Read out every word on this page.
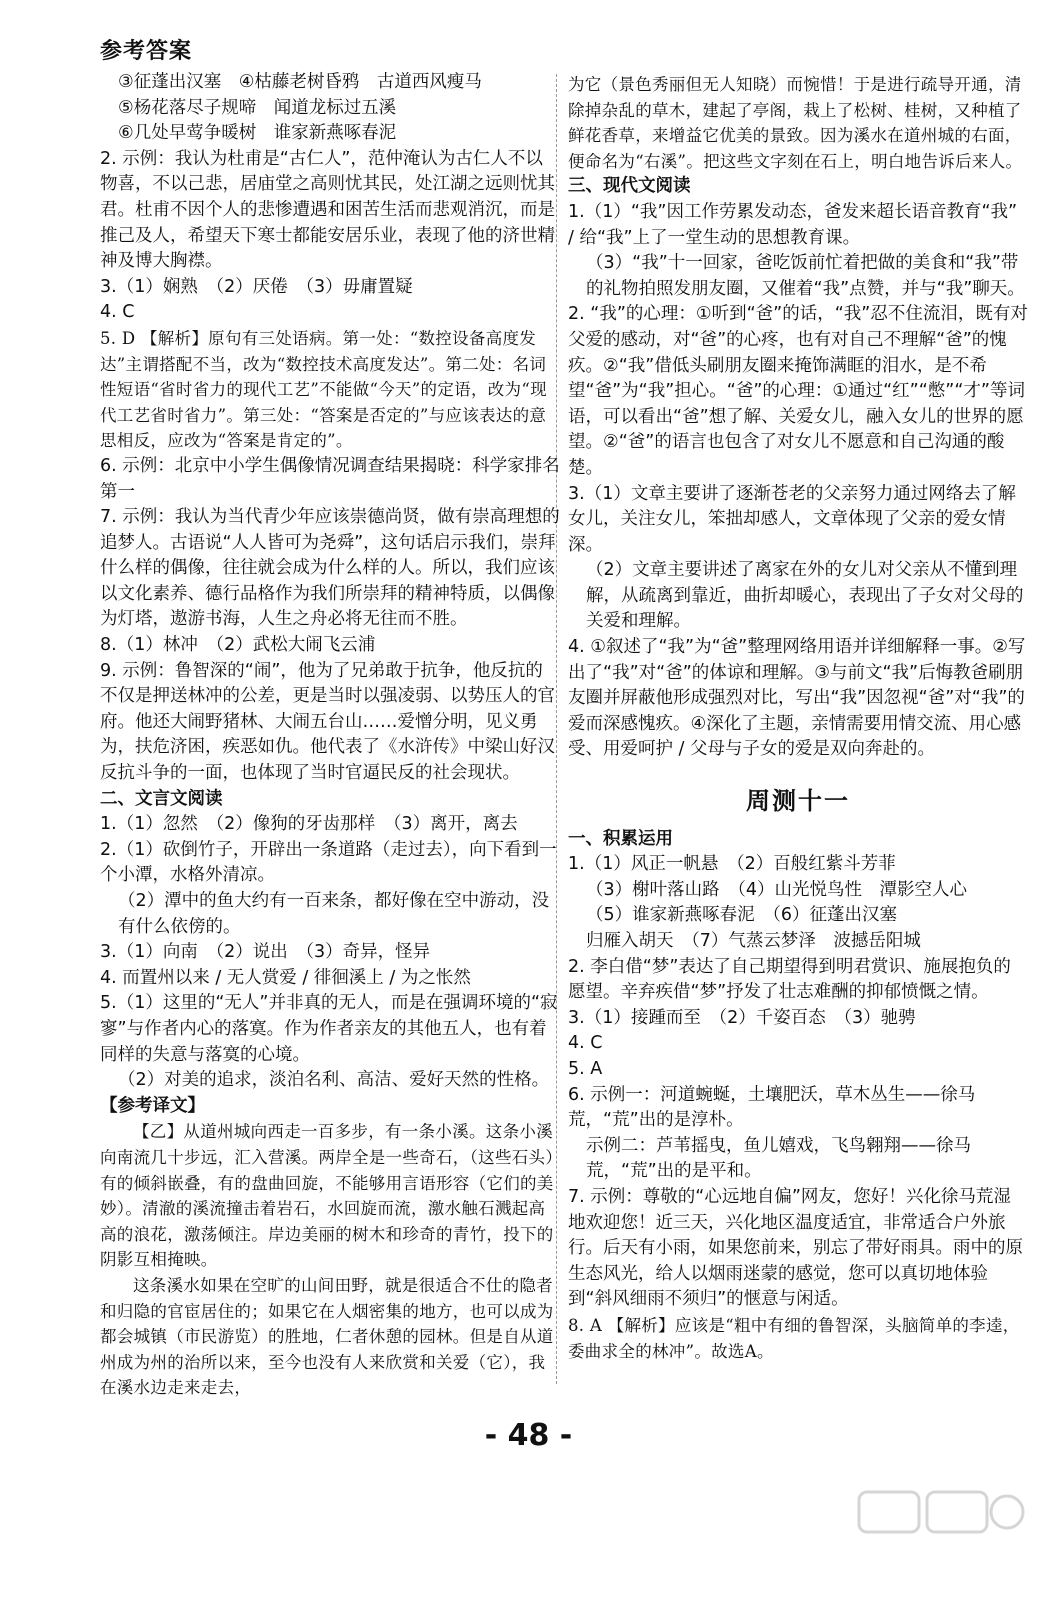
参考答案

③征蓬出汉塞　④枯藤老树昏鸦　古道西风瘦马

⑤杨花落尽子规啼　闻道龙标过五溪

⑥几处早莺争暖树　谁家新燕啄春泥

2. 示例：我认为杜甫是“古仁人”，范仲淹认为古仁人不以物喜，不以己悲，居庙堂之高则忧其民，处江湖之远则忧其君。杜甫不因个人的悲惨遭遇和困苦生活而悲观消沉，而是推己及人，希望天下寒士都能安居乐业，表现了他的济世精神及博大胸襟。

3.（1）娴熟　（2）厌倦　（3）毋庸置疑

4. C

5. D 【解析】原句有三处语病。第一处：“数控设备高度发达”主谓搭配不当，改为“数控技术高度发达”。第二处：名词性短语“省时省力的现代工艺”不能做“今天”的定语，改为“现代工艺省时省力”。第三处：“答案是否定的”与应该表达的意思相反，应改为“答案是肯定的”。

6. 示例：北京中小学生偶像情况调查结果揭晓：科学家排名第一

7. 示例：我认为当代青少年应该崇德尚贤，做有崇高理想的追梦人。古语说“人人皆可为尧舜”，这句话启示我们，崇拜什么样的偶像，往往就会成为什么样的人。所以，我们应该以文化素养、德行品格作为我们所崇拜的精神特质，以偶像为灯塔，遨游书海，人生之舟必将无往而不胜。

8.（1）林冲　（2）武松大闹飞云浦

9. 示例：鲁智深的“闹”，他为了兄弟敢于抗争，他反抗的不仅是押送林冲的公差，更是当时以强凌弱、以势压人的官府。他还大闹野猪林、大闹五台山……爱憎分明，见义勇为，扶危济困，疾恶如仇。他代表了《水浒传》中梁山好汉反抗斗争的一面，也体现了当时官逼民反的社会现状。

二、文言文阅读

1.（1）忽然　（2）像狗的牙齿那样　（3）离开，离去

2.（1）砍倒竹子，开辟出一条道路（走过去），向下看到一个小潭，水格外清凉。

（2）潭中的鱼大约有一百来条，都好像在空中游动，没有什么依傍的。

3.（1）向南　（2）说出　（3）奇异，怪异

4. 而置州以来 / 无人赏爱 / 徘徊溪上 / 为之怅然

5.（1）这里的“无人”并非真的无人，而是在强调环境的“寂寥”与作者内心的落寞。作为作者亲友的其他五人，也有着同样的失意与落寞的心境。

（2）对美的追求，淡泊名利、高洁、爱好天然的性格。

【参考译文】

【乙】从道州城向西走一百多步，有一条小溪。这条小溪向南流几十步远，汇入营溪。两岸全是一些奇石，（这些石头）有的倾斜嵌叠，有的盘曲回旋，不能够用言语形容（它们的美妙）。清澈的溪流撞击着岩石，水回旋而流，激水触石溅起高高的浪花，激荡倾注。岸边美丽的树木和珍奇的青竹，投下的阴影互相掩映。

这条溪水如果在空旷的山间田野，就是很适合不仕的隐者和归隐的官宦居住的；如果它在人烟密集的地方，也可以成为都会城镇（市民游览）的胜地，仁者休憩的园林。但是自从道州成为州的治所以来，至今也没有人来欣赏和关爱（它），我在溪水边走来走去，

为它（景色秀丽但无人知晓）而惋惜！于是进行疏导开通，清除掉杂乱的草木，建起了亭阁，栽上了松树、桂树，又种植了鲜花香草，来增益它优美的景致。因为溪水在道州城的右面，便命名为“右溪”。把这些文字刻在石上，明白地告诉后来人。

三、现代文阅读

1.（1）“我”因工作劳累发动态，爸发来超长语音教育“我” / 给“我”上了一堂生动的思想教育课。

（3）“我”十一回家，爸吃饭前忙着把做的美食和“我”带的礼物拍照发朋友圈，又催着“我”点赞，并与“我”聊天。

2. “我”的心理：①听到“爸”的话，“我”忍不住流泪，既有对父爱的感动，对“爸”的心疼，也有对自己不理解“爸”的愧疚。②“我”借低头刷朋友圈来掩饰满眶的泪水，是不希望“爸”为“我”担心。“爸”的心理：①通过“红”“憋”“才”等词语，可以看出“爸”想了解、关爱女儿，融入女儿的世界的愿望。②“爸”的语言也包含了对女儿不愿意和自己沟通的酸楚。

3.（1）文章主要讲了逐渐苍老的父亲努力通过网络去了解女儿，关注女儿，笨拙却感人，文章体现了父亲的爱女情深。

（2）文章主要讲述了离家在外的女儿对父亲从不懂到理解，从疏离到靠近，曲折却暖心，表现出了子女对父母的关爱和理解。

4. ①叙述了“我”为“爸”整理网络用语并详细解释一事。②写出了“我”对“爸”的体谅和理解。③与前文“我”后悔教爸刷朋友圈并屏蔽他形成强烈对比，写出“我”因忽视“爸”对“我”的爱而深感愧疚。④深化了主题，亲情需要用情交流、用心感受、用爱呵护 / 父母与子女的爱是双向奔赴的。

周测十一

一、积累运用

1.（1）风正一帆悬　（2）百般红紫斗芳菲

（3）榭叶落山路　（4）山光悦鸟性　潭影空人心

（5）谁家新燕啄春泥　（6）征蓬出汉塞

归雁入胡天　（7）气蒸云梦泽　波撼岳阳城

2. 李白借“梦”表达了自己期望得到明君赏识、施展抱负的愿望。辛弃疾借“梦”抒发了壮志难酬的抑郁愤慨之情。

3.（1）接踵而至　（2）千姿百态　（3）驰骋

4. C

5. A

6. 示例一：河道蜿蜒，土壤肥沃，草木丛生——徐马荒，“荒”出的是淳朴。

示例二：芦苇摇曳，鱼儿嬉戏，飞鸟翱翔——徐马荒，“荒”出的是平和。

7. 示例：尊敬的“心远地自偏”网友，您好！兴化徐马荒湿地欢迎您！近三天，兴化地区温度适宜，非常适合户外旅行。后天有小雨，如果您前来，别忘了带好雨具。雨中的原生态风光，给人以烟雨迷蒙的感觉，您可以真切地体验到“斜风细雨不须归”的惬意与闲适。

8. A 【解析】应该是“粗中有细的鲁智深，头脑简单的李逵，委曲求全的林冲”。故选A。

- 48 -
